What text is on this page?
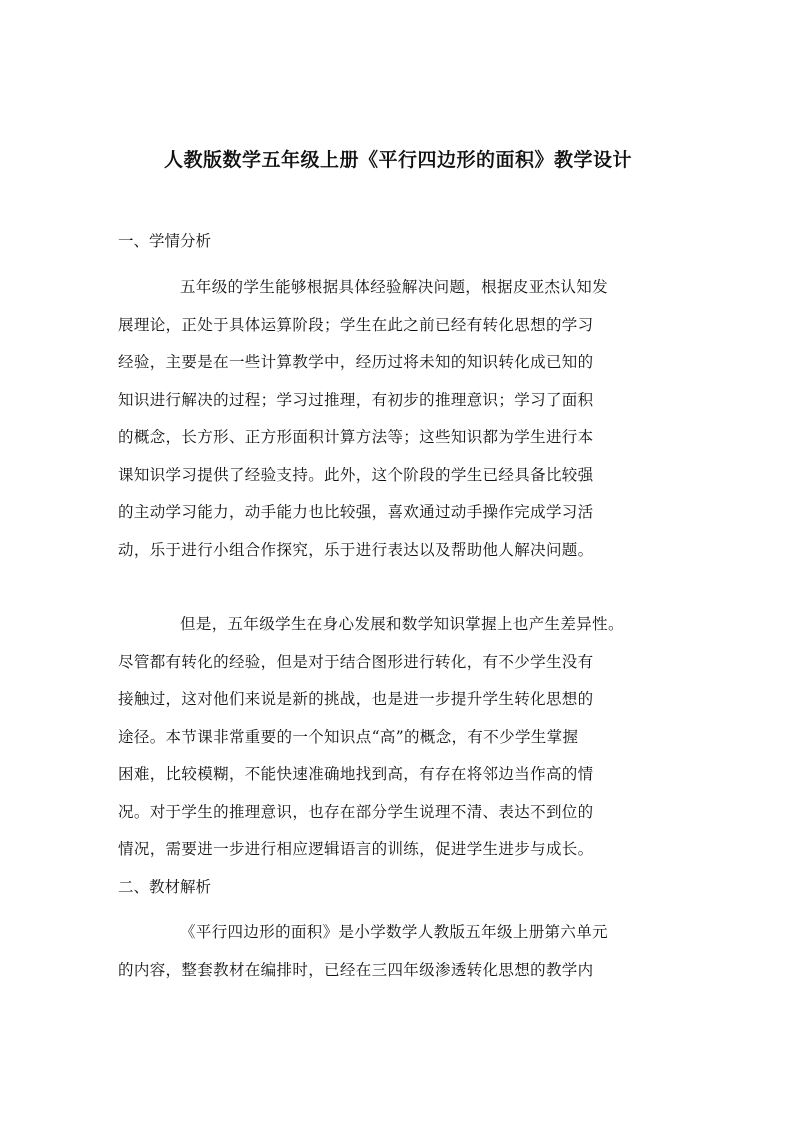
人教版数学五年级上册《平行四边形的面积》教学设计
一、学情分析
五年级的学生能够根据具体经验解决问题，根据皮亚杰认知发
展理论，正处于具体运算阶段；学生在此之前已经有转化思想的学习
经验，主要是在一些计算教学中，经历过将未知的知识转化成已知的
知识进行解决的过程；学习过推理，有初步的推理意识；学习了面积
的概念，长方形、正方形面积计算方法等；这些知识都为学生进行本
课知识学习提供了经验支持。此外，这个阶段的学生已经具备比较强
的主动学习能力，动手能力也比较强，喜欢通过动手操作完成学习活
动，乐于进行小组合作探究，乐于进行表达以及帮助他人解决问题。
但是，五年级学生在身心发展和数学知识掌握上也产生差异性。
尽管都有转化的经验，但是对于结合图形进行转化，有不少学生没有
接触过，这对他们来说是新的挑战，也是进一步提升学生转化思想的
途径。本节课非常重要的一个知识点“高”的概念，有不少学生掌握
困难，比较模糊，不能快速准确地找到高，有存在将邻边当作高的情
况。对于学生的推理意识，也存在部分学生说理不清、表达不到位的
情况，需要进一步进行相应逻辑语言的训练，促进学生进步与成长。
二、教材解析
《平行四边形的面积》是小学数学人教版五年级上册第六单元
的内容，整套教材在编排时，已经在三四年级渗透转化思想的教学内
